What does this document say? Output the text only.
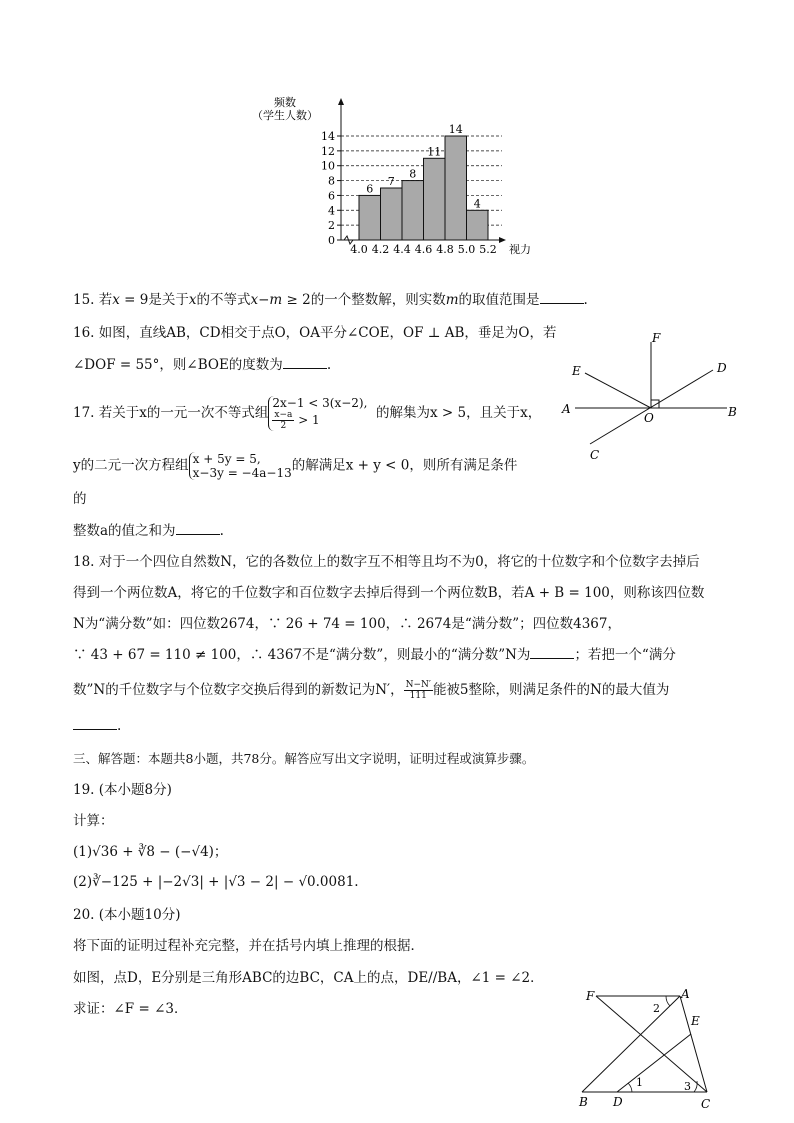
频数
（学生人数）
6
7
8
11
14
4
0
2
4
6
8
10
12
14
4.0 4.2 4.4 4.6 4.8 5.0 5.2 视力
15. 若x = 9是关于x的不等式x−m ≥ 2的一个整数解，则实数m的取值范围是	.
16. 如图，直线AB，CD相交于点O，OA平分∠COE，OF ⊥ AB，垂足为O，若
∠DOF = 55°，则∠BOE的度数为	.
F
D
E
A
O	B
C
17. 若关于x的一元一次不等式组
2x−1 < 3(x−2),
$\frac{x-a}{2} > 1$	的解集为x > 5，且关于x，
y的二元一次方程组 x + 5y = 5,
x−3y = −4a−13 的解满足x + y < 0，则所有满足条件
的
整数a的值之和为	.
18. 对于一个四位自然数N，它的各数位上的数字互不相等且均不为0，将它的十位数字和个位数字去掉后
得到一个两位数A，将它的千位数字和百位数字去掉后得到一个两位数B，若A + B = 100，则称该四位数
N为“满分数”如：四位数2674，∵ 26 + 74 = 100，∴ 2674是“满分数”；四位数4367，
∵ 43 + 67 = 110 ≠ 100，∴ 4367不是“满分数”，则最小的“满分数”N为	；若把一个“满分
数”N的千位数字与个位数字交换后得到的新数记为N′， $\frac{N-N'}{111}$ 能被5整除，则满足条件的N的最大值为
.
三、解答题：本题共8小题，共78分。解答应写出文字说明，证明过程或演算步骤。
19. (本小题8分)
计算：
(1)√36 + ∛8 − (−√4)；
(2)∛−125 + |−2√3| + |√3 − 2| − √0.0081.
20. (本小题10分)
将下面的证明过程补充完整，并在括号内填上推理的根据．
如图，点D，E分别是三角形ABC的边BC，CA上的点，DE//BA，∠1 = ∠2．
求证：∠F = ∠3．
F	A
E
B D	C
1
2
3
